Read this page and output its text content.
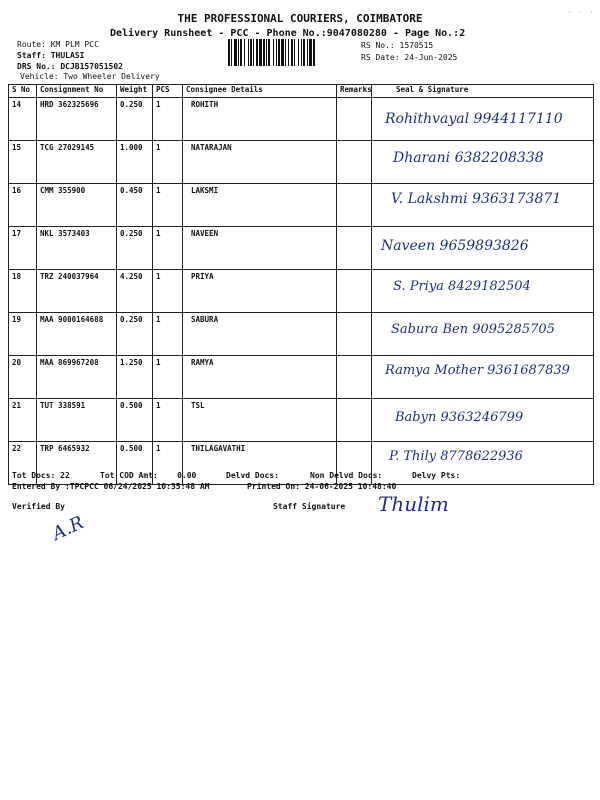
· · ·
THE PROFESSIONAL COURIERS, COIMBATORE
Delivery Runsheet - PCC - Phone No.:9047080280 - Page No.:2
Route: KM PLM PCC
Staff: THULASI
DRS No.: DCJB157051502
Vehicle: Two Wheeler Delivery
RS No.: 1570515
RS Date: 24-Jun-2025
S No	Consignment No	Weight	PCS	Consignee Details	Remarks	Seal & Signature
14	HRD 362325696	0.250	1	ROHITH		Rohithvayal 9944117110

15	TCG 27029145	1.000	1	NATARAJAN		Dharani 6382208338

16	CMM 355900	0.450	1	LAKSMI		V. Lakshmi 9363173871

17	NKL 3573403	0.250	1	NAVEEN		Naveen 9659893826

18	TRZ 240037964	4.250	1	PRIYA		S. Priya 8429182504

19	MAA 9000164688	0.250	1	SABURA		Sabura Ben 9095285705

20	MAA 869967208	1.250	1	RAMYA		Ramya Mother 9361687839

21	TUT 338591	0.500	1	TSL		Babyn 9363246799

22	TRP 6465932	0.500	1	THILAGAVATHI		P. Thily 8778622936
Tot Docs: 22	Tot COD Amt:    0.00	Delvd Docs:	Non Delvd Docs:	Delvy Pts:
Entered By :TPCPCC 06/24/2025 10:35:48 AM	Printed On: 24-06-2025 10:48:40
Verified By	Staff Signature Thulim
A.R
